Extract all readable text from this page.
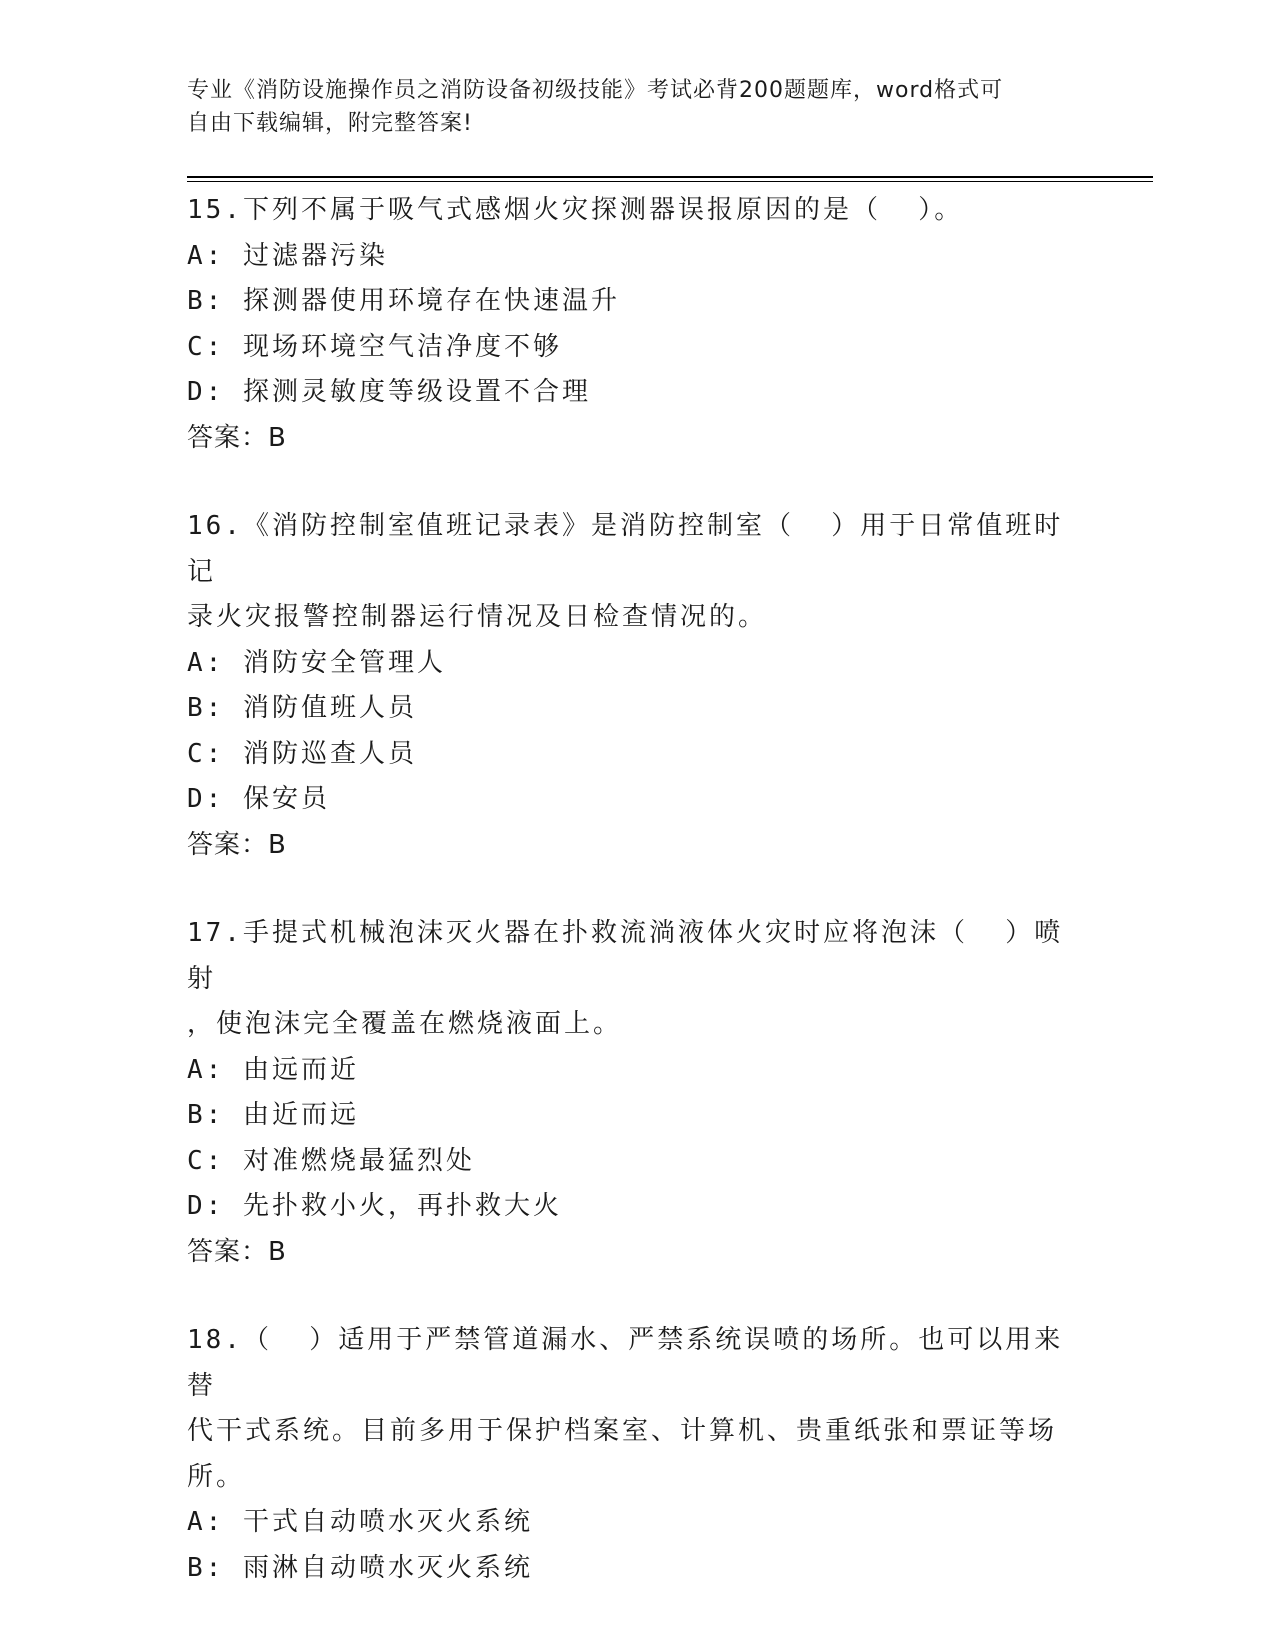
专业《消防设施操作员之消防设备初级技能》考试必背200题题库，word格式可
自由下载编辑，附完整答案!
15.下列不属于吸气式感烟火灾探测器误报原因的是（  ）。
A: 过滤器污染
B: 探测器使用环境存在快速温升
C: 现场环境空气洁净度不够
D: 探测灵敏度等级设置不合理
答案：B
16.《消防控制室值班记录表》是消防控制室（  ）用于日常值班时记
录火灾报警控制器运行情况及日检查情况的。
A: 消防安全管理人
B: 消防值班人员
C: 消防巡查人员
D: 保安员
答案：B
17.手提式机械泡沫灭火器在扑救流淌液体火灾时应将泡沫（  ）喷射
，使泡沫完全覆盖在燃烧液面上。
A: 由远而近
B: 由近而远
C: 对准燃烧最猛烈处
D: 先扑救小火，再扑救大火
答案：B
18.（  ）适用于严禁管道漏水、严禁系统误喷的场所。也可以用来替
代干式系统。目前多用于保护档案室、计算机、贵重纸张和票证等场
所。
A: 干式自动喷水灭火系统
B: 雨淋自动喷水灭火系统
